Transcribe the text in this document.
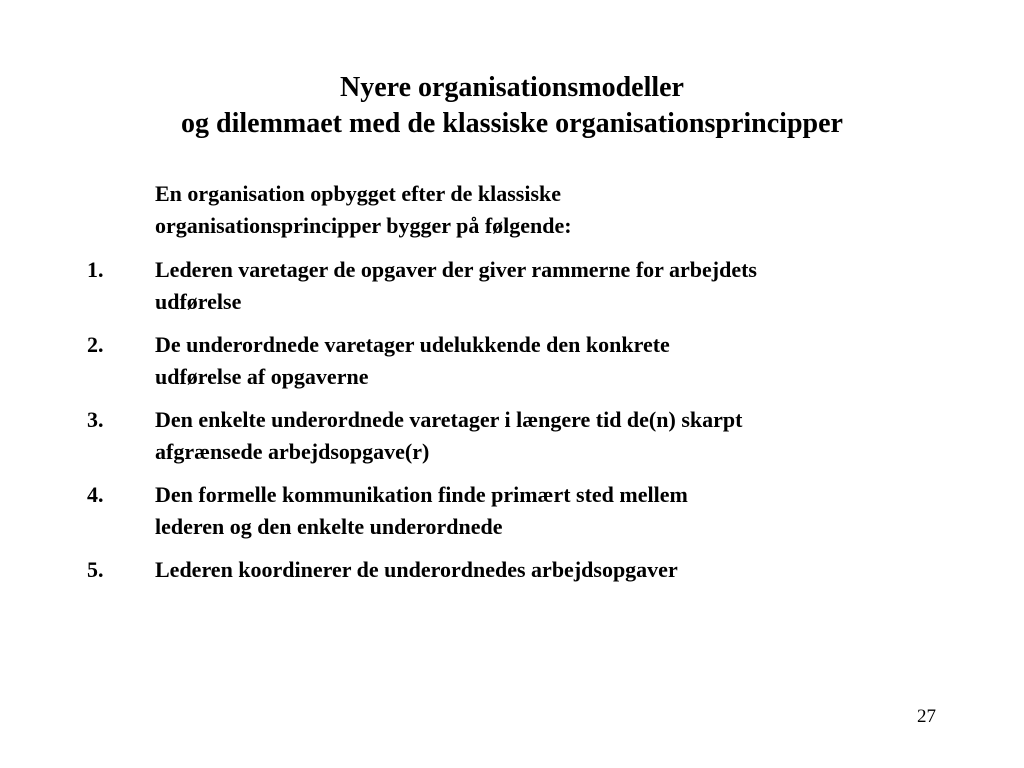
Nyere organisationsmodeller
og dilemmaet med de klassiske organisationsprincipper
En organisation opbygget efter de klassiske
organisationsprincipper bygger på følgende:
1.	Lederen varetager de opgaver der giver rammerne for arbejdets
udførelse
2.	De underordnede varetager udelukkende den konkrete
udførelse af opgaverne
3.	Den enkelte underordnede varetager i længere tid de(n) skarpt
afgrænsede arbejdsopgave(r)
4.	Den formelle kommunikation finde primært sted mellem
lederen og den enkelte underordnede
5.	Lederen koordinerer de underordnedes arbejdsopgaver
27
